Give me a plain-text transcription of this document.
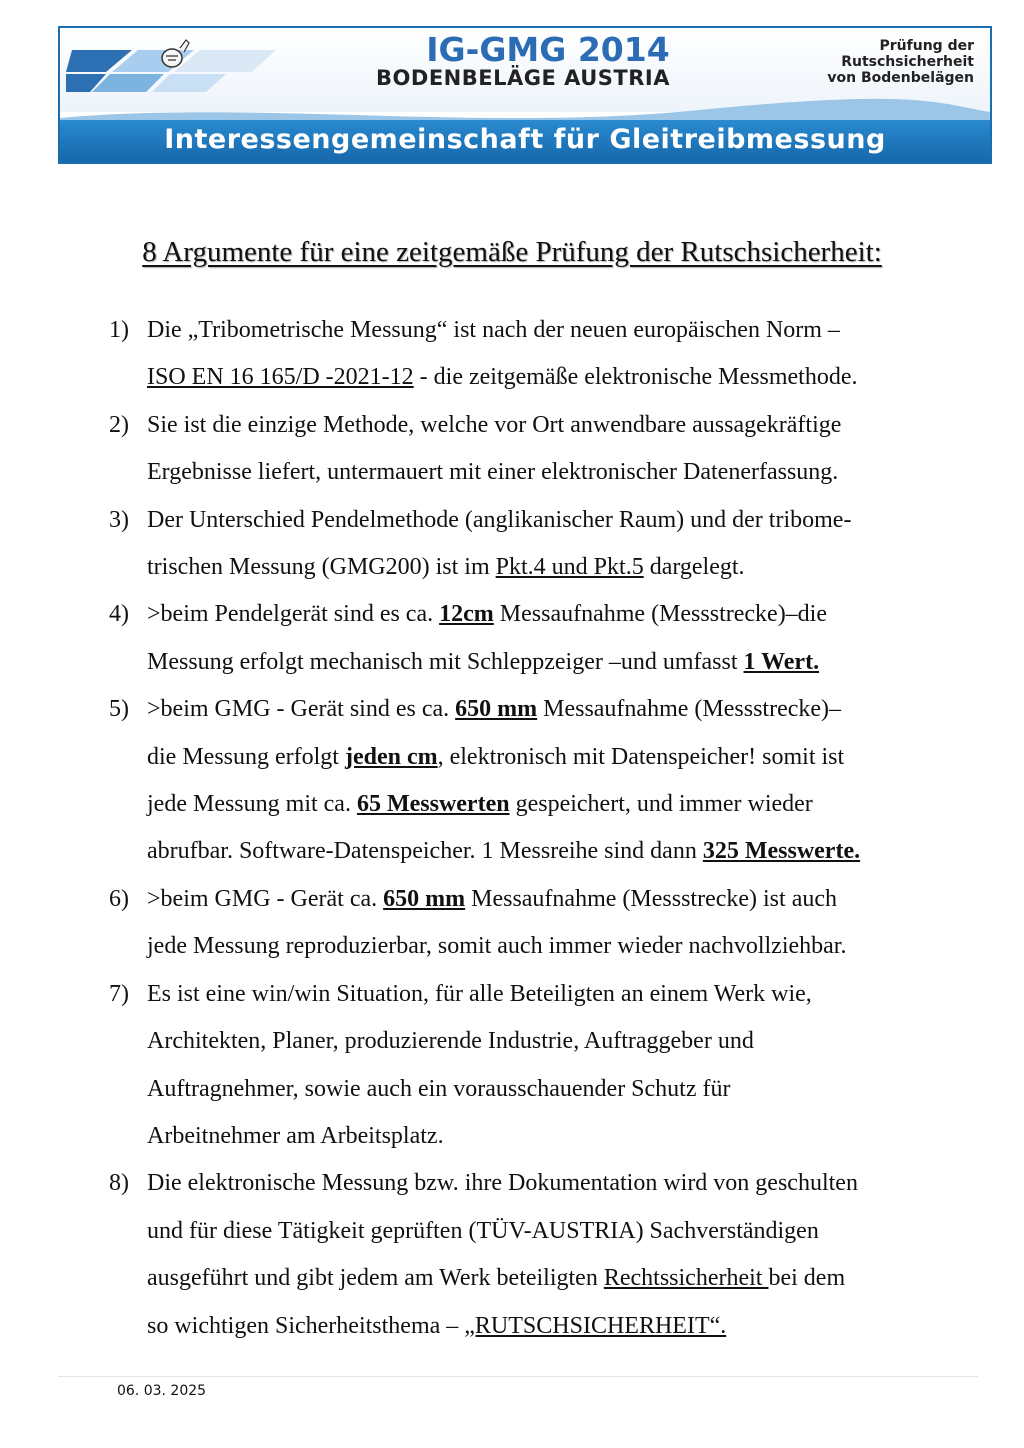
Interessengemeinschaft für Gleitreibmessung
IG-GMG 2014
BODENBELÄGE AUSTRIA
Prüfung der
Rutschsicherheit
von Bodenbelägen
8 Argumente für eine zeitgemäße Prüfung der Rutschsicherheit:
1) Die „Tribometrische Messung“ ist nach der neuen europäischen Norm –
ISO EN 16 165/D -2021-12 - die zeitgemäße elektronische Messmethode.
2) Sie ist die einzige Methode, welche vor Ort anwendbare aussagekräftige
Ergebnisse liefert, untermauert mit einer elektronischer Datenerfassung.
3) Der Unterschied Pendelmethode (anglikanischer Raum) und der tribome-
trischen Messung (GMG200) ist im Pkt.4 und Pkt.5 dargelegt.
4) >beim Pendelgerät sind es ca. 12cm Messaufnahme (Messstrecke)–die
Messung erfolgt mechanisch mit Schleppzeiger –und umfasst 1 Wert.
5) >beim GMG - Gerät sind es ca. 650 mm Messaufnahme (Messstrecke)–
die Messung erfolgt jeden cm, elektronisch mit Datenspeicher! somit ist
jede Messung mit ca. 65 Messwerten gespeichert, und immer wieder
abrufbar. Software-Datenspeicher. 1 Messreihe sind dann 325 Messwerte.
6) >beim GMG - Gerät ca. 650 mm Messaufnahme (Messstrecke) ist auch
jede Messung reproduzierbar, somit auch immer wieder nachvollziehbar.
7) Es ist eine win/win Situation, für alle Beteiligten an einem Werk wie,
Architekten, Planer, produzierende Industrie, Auftraggeber und
Auftragnehmer, sowie auch ein vorausschauender Schutz für
Arbeitnehmer am Arbeitsplatz.
8) Die elektronische Messung bzw. ihre Dokumentation wird von geschulten
und für diese Tätigkeit geprüften (TÜV-AUSTRIA) Sachverständigen
ausgeführt und gibt jedem am Werk beteiligten Rechtssicherheit bei dem
so wichtigen Sicherheitsthema – „RUTSCHSICHERHEIT“.
06. 03. 2025
